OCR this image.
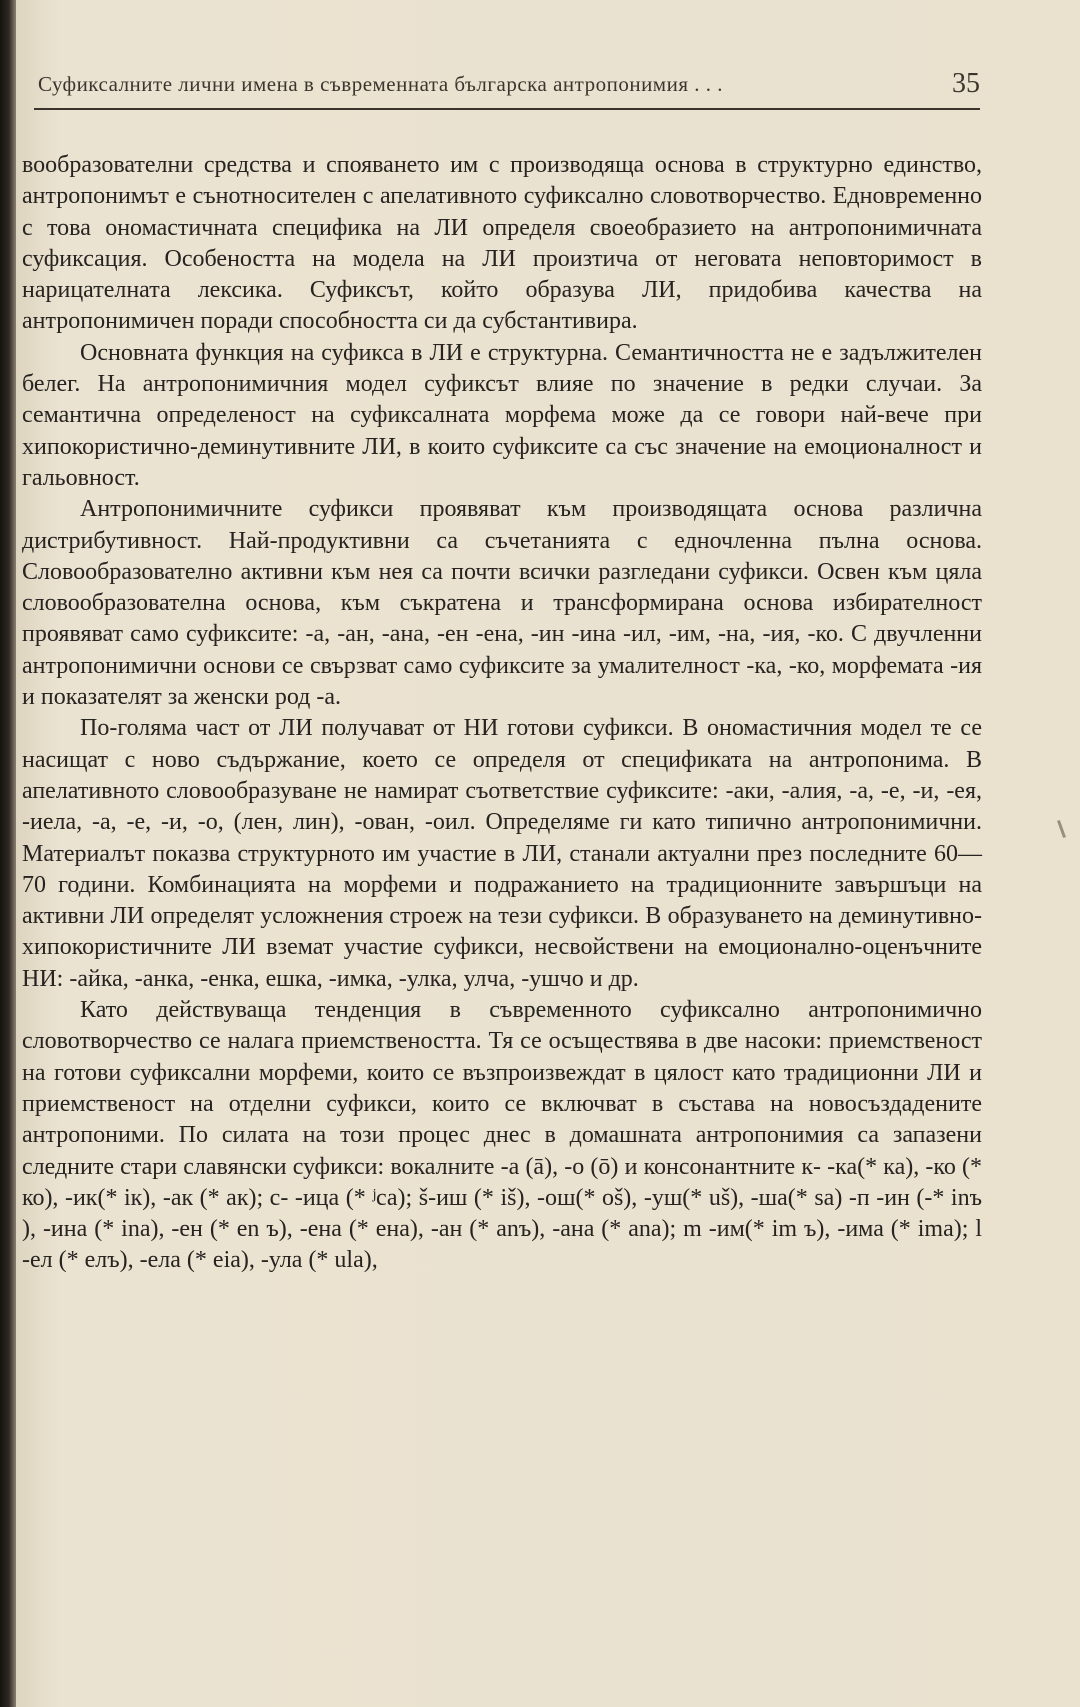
Суфиксалните лични имена в съвременната българска антропонимия . . .	35

вообразователни средства и спояването им с производяща основа в структурно единство, антропонимът е сънотносителен с апелативното суфиксално словотворчество. Едновременно с това ономастичната специфика на ЛИ определя своеобразието на антропонимичната суфиксация. Особеността на модела на ЛИ произтича от неговата неповторимост в нарицателната лексика. Суфиксът, който образува ЛИ, придобива качества на антропонимичен поради способността си да субстантивира.

Основната функция на суфикса в ЛИ е структурна. Семантичността не е задължителен белег. На антропонимичния модел суфиксът влияе по значение в редки случаи. За семантична определеност на суфиксалната морфема може да се говори най-вече при хипокористично-деминутивните ЛИ, в които суфиксите са със значение на емоционалност и гальовност.

Антропонимичните суфикси проявяват към производящата основа различна дистрибутивност. Най-продуктивни са съчетанията с едночленна пълна основа. Словообразователно активни към нея са почти всички разгледани суфикси. Освен към цяла словообразователна основа, към съкратена и трансформирана основа избирателност проявяват само суфиксите: -а, -ан, -ана, -ен -ена, -ин -ина -ил, -им, -на, -ия, -ко. С двучленни антропонимични основи се свързват само суфиксите за умалителност -ка, -ко, морфемата -ия и показателят за женски род -а.

По-голяма част от ЛИ получават от НИ готови суфикси. В ономастичния модел те се насищат с ново съдържание, което се определя от спецификата на антропонима. В апелативното словообразуване не намират съответствие суфиксите: -аки, -алия, -а, -е, -и, -ея, -иела, -а, -е, -и, -о, (лен, лин), -ован, -оил. Определяме ги като типично антропонимични. Материалът показва структурното им участие в ЛИ, станали актуални през последните 60—70 години. Комбинацията на морфеми и подражанието на традиционните завършъци на активни ЛИ определят усложнения строеж на тези суфикси. В образуването на деминутивно-хипокористичните ЛИ вземат участие суфикси, несвойствени на емоционално-оценъчните НИ: -айка, -анка, -енка, ешка, -имка, -улка, улча, -ушчо и др.

Като действуваща тенденция в съвременното суфиксално антропонимично словотворчество се налага приемствеността. Тя се осъществява в две насоки: приемственост на готови суфиксални морфеми, които се възпроизвеждат в цялост като традиционни ЛИ и приемственост на отделни суфикси, които се включват в състава на новосъздадените антропоними. По силата на този процес днес в домашната антропонимия са запазени следните стари славянски суфикси: вокалните -а (ā), -о (ō) и консонантните к- -ка(* ка), -ко (* ко), -ик(* ік), -ак (* ак); с- -ица (* ʲса); š-иш (* iš), -ош(* oš), -уш(* uš), -ша(* sa) -п -ин (-* inъ ), -ина (* ina), -ен (* en ъ), -ена (* ена), -ан (* anъ), -ана (* ana); m -им(* im ъ), -има (* ima); l -ел (* елъ), -ела (* eіa), -ула (* ula),
